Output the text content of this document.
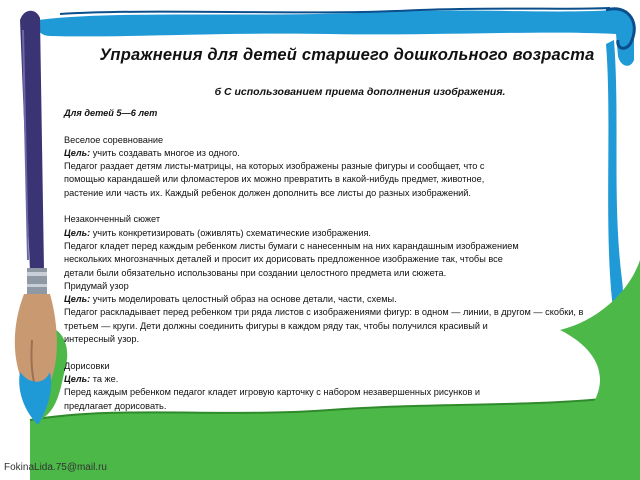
Упражнения для детей старшего дошкольного возраста
б С использованием приема дополнения изображения.

Для детей 5—6 лет

Веселое соревнование

Цель: учить создавать многое из одного.

Педагог раздает детям листы-матрицы, на которых изображены разные фигуры и сообщает, что с

помощью карандашей или фломастеров их можно превратить в какой-нибудь предмет, животное,

растение или часть их. Каждый ребенок должен дополнить все листы до разных изображений.

Незаконченный сюжет

Цель: учить конкретизировать (оживлять) схематические изображения.

Педагог кладет перед каждым ребенком листы бумаги с нанесенным на них карандашным изображением

нескольких многозначных деталей и просит их дорисовать предложенное изображение так, чтобы все

детали были обязательно использованы при создании целостного предмета или сюжета.

Придумай узор

Цель: учить моделировать целостный образ на основе детали, части, схемы.

Педагог раскладывает перед ребенком три ряда листов с изображениями фигур: в одном — линии, в другом — скобки, в

третьем — круги. Дети должны соединить фигуры в каждом ряду так, чтобы получился красивый и

интересный узор.

Дорисовки

Цель: та же.

Перед каждым ребенком педагог кладет игровую карточку с набором незавершенных рисунков и

предлагает дорисовать.

FokinaLida.75@mail.ru
